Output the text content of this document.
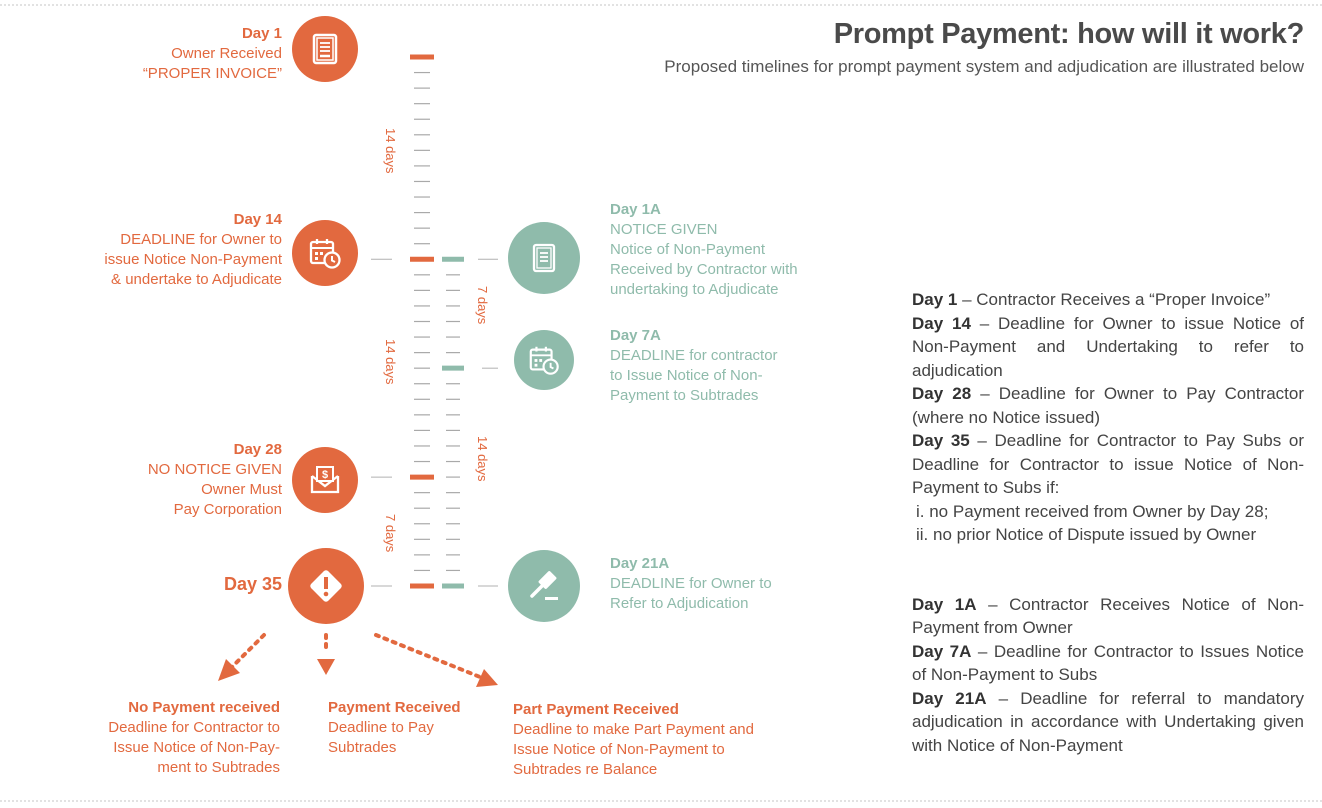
Prompt Payment: how will it work?
Proposed timelines for prompt payment system and adjudication are illustrated below
14 days
14 days
7 days
7 days
14 days
Day 1
Owner Received
“PROPER INVOICE”
Day 14
DEADLINE for Owner to
issue Notice Non-Payment
& undertake to Adjudicate
Day 28
NO NOTICE GIVEN
Owner Must
Pay Corporation
$
Day 35
Day 1A
NOTICE GIVEN
Notice of Non-Payment
Received by Contractor with
undertaking to Adjudicate
Day 7A
DEADLINE for contractor
to Issue Notice of Non-
Payment to Subtrades
Day 21A
DEADLINE for Owner to
Refer to Adjudication
No Payment received
Deadline for Contractor to
Issue Notice of Non-Pay-
ment to Subtrades
Payment Received
Deadline to Pay
Subtrades
Part Payment Received
Deadline to make Part Payment and
Issue Notice of Non-Payment to
Subtrades re Balance
Day 1 – Contractor Receives a “Proper Invoice”
Day 14 – Deadline for Owner to issue Notice of Non-Payment and Undertaking to refer to adjudication
Day 28 – Deadline for Owner to Pay Contractor (where no Notice issued)
Day 35 – Deadline for Contractor to Pay Subs or Deadline for Contractor to issue Notice of Non-Payment to Subs if:
i. no Payment received from Owner by Day 28;
ii. no prior Notice of Dispute issued by Owner
Day 1A – Contractor Receives Notice of Non-Payment from Owner
Day 7A – Deadline for Contractor to Issues Notice of Non-Payment to Subs
Day 21A – Deadline for referral to mandatory adjudication in accordance with Undertaking given with Notice of Non-Payment
